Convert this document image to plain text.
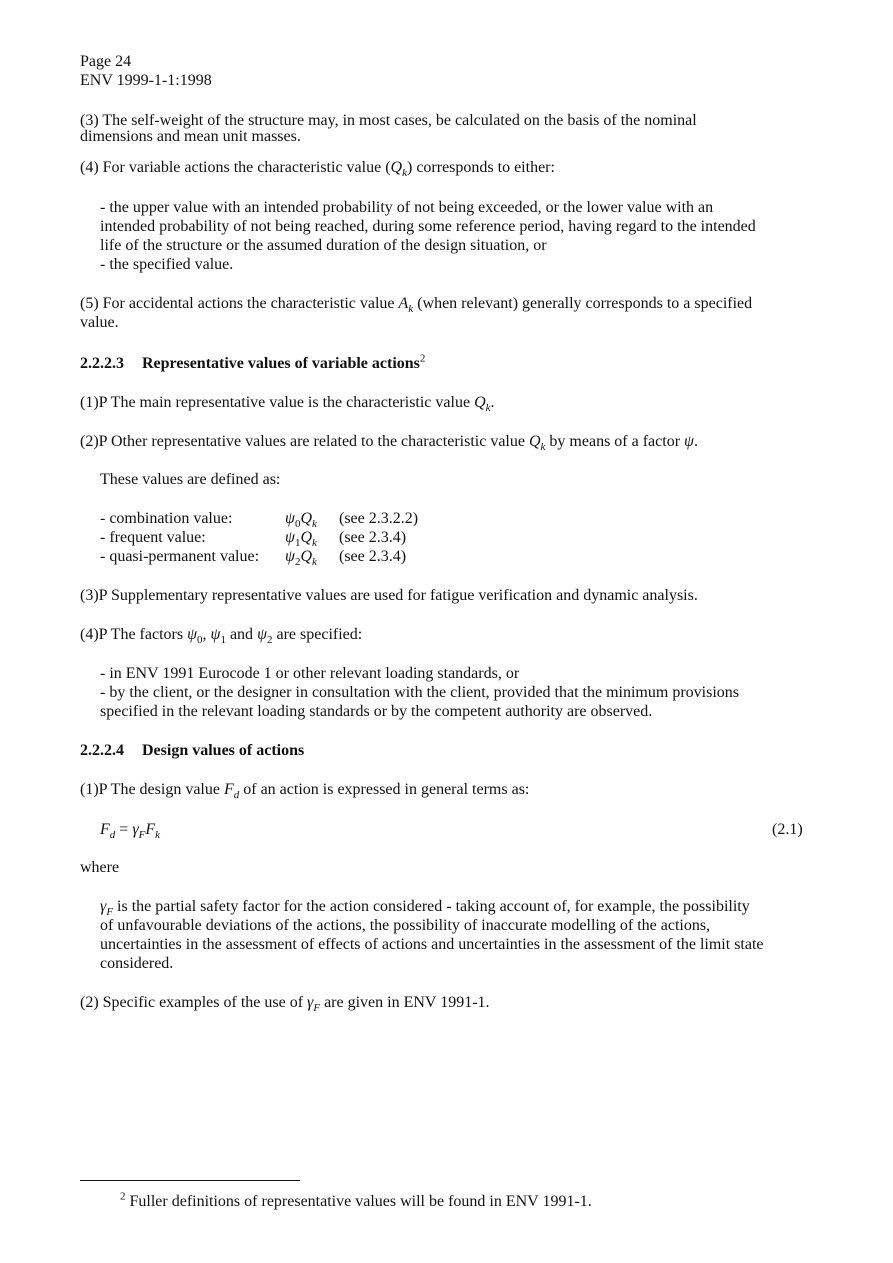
Page 24
ENV 1999-1-1:1998
(3) The self-weight of the structure may, in most cases, be calculated on the basis of the nominal
dimensions and mean unit masses.
(4) For variable actions the characteristic value $(Q_k)$ corresponds to either:
- the upper value with an intended probability of not being exceeded, or the lower value with an
intended probability of not being reached, during some reference period, having regard to the intended
life of the structure or the assumed duration of the design situation, or
- the specified value.
(5) For accidental actions the characteristic value $A_k$ (when relevant) generally corresponds to a specified
value.
2.2.2.3 Representative values of variable actions$^2$
(1)P The main representative value is the characteristic value $Q_k$.
(2)P Other representative values are related to the characteristic value $Q_k$ by means of a factor ψ.
These values are defined as:
- combination value:	$\psi_0Q_k$ (see 2.3.2.2)
- frequent value:	$\psi_1Q_k$ (see 2.3.4)
- quasi-permanent value: $\psi_2Q_k$ (see 2.3.4)
(3)P Supplementary representative values are used for fatigue verification and dynamic analysis.
(4)P The factors $\psi_0$, $\psi_1$ and $\psi_2$ are specified:
- in ENV 1991 Eurocode 1 or other relevant loading standards, or
- by the client, or the designer in consultation with the client, provided that the minimum provisions
specified in the relevant loading standards or by the competent authority are observed.
2.2.2.4 Design values of actions
(1)P The design value $F_d$ of an action is expressed in general terms as:
$F_d = \gamma_FF_k$	(2.1)
where
$\gamma_F$ is the partial safety factor for the action considered - taking account of, for example, the possibility
of unfavourable deviations of the actions, the possibility of inaccurate modelling of the actions,
uncertainties in the assessment of effects of actions and uncertainties in the assessment of the limit state
considered.
(2) Specific examples of the use of $\gamma_F$ are given in ENV 1991-1.
$^2$ Fuller definitions of representative values will be found in ENV 1991-1.
